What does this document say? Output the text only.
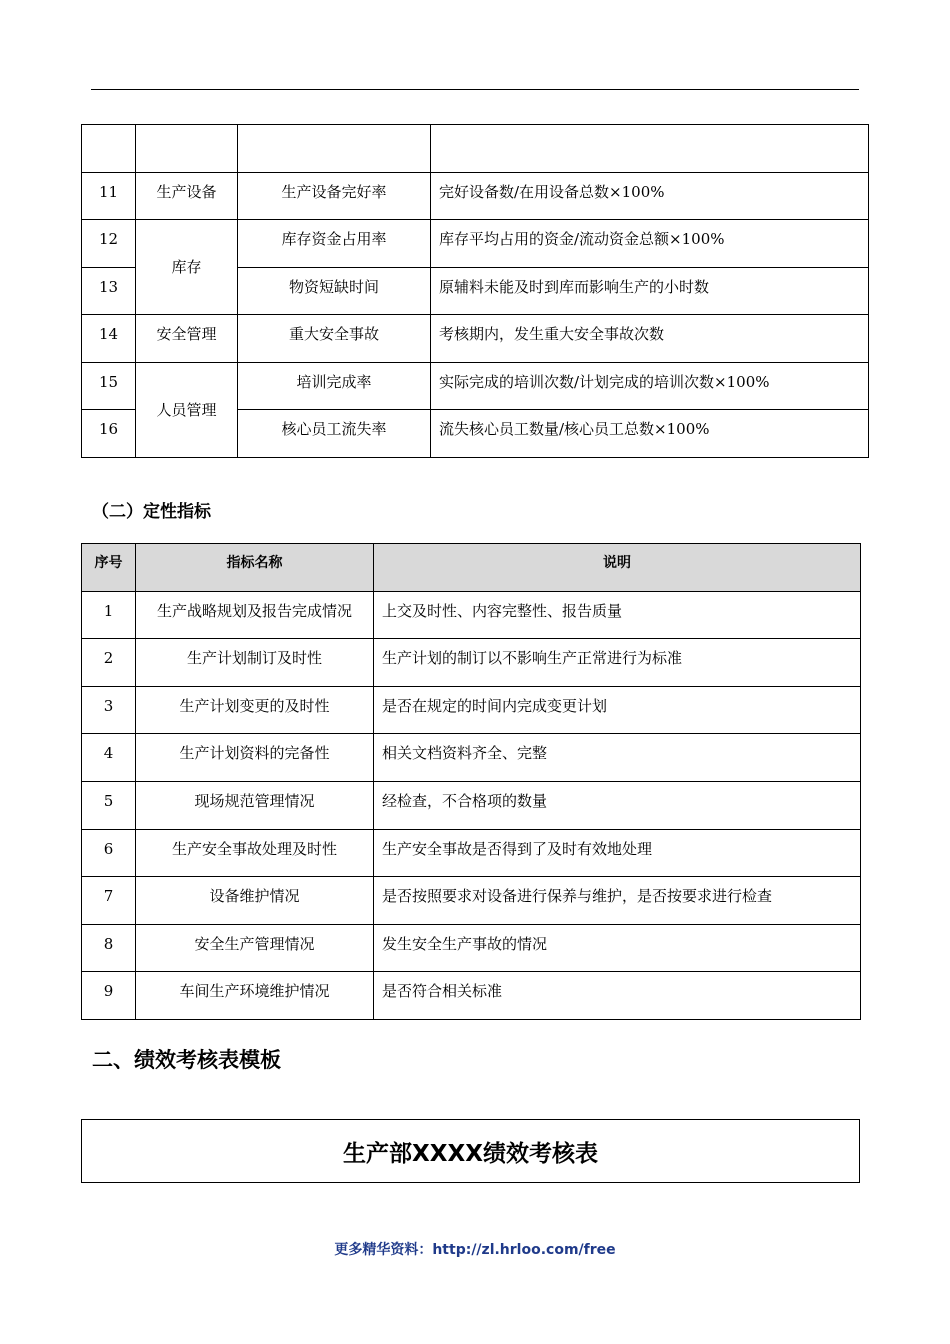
11	生产设备	生产设备完好率	完好设备数/在用设备总数×100%
12	库存	库存资金占用率	库存平均占用的资金/流动资金总额×100%
13		物资短缺时间	原辅料未能及时到库而影响生产的小时数
14	安全管理	重大安全事故	考核期内，发生重大安全事故次数
15	人员管理	培训完成率	实际完成的培训次数/计划完成的培训次数×100%
16		核心员工流失率	流失核心员工数量/核心员工总数×100%
（二）定性指标
序号	指标名称	说明
1	生产战略规划及报告完成情况	上交及时性、内容完整性、报告质量
2	生产计划制订及时性	生产计划的制订以不影响生产正常进行为标准
3	生产计划变更的及时性	是否在规定的时间内完成变更计划
4	生产计划资料的完备性	相关文档资料齐全、完整
5	现场规范管理情况	经检查，不合格项的数量
6	生产安全事故处理及时性	生产安全事故是否得到了及时有效地处理
7	设备维护情况	是否按照要求对设备进行保养与维护，是否按要求进行检查
8	安全生产管理情况	发生安全生产事故的情况
9	车间生产环境维护情况	是否符合相关标准
二、绩效考核表模板
生产部XXXX绩效考核表
更多精华资料：http://zl.hrloo.com/free
